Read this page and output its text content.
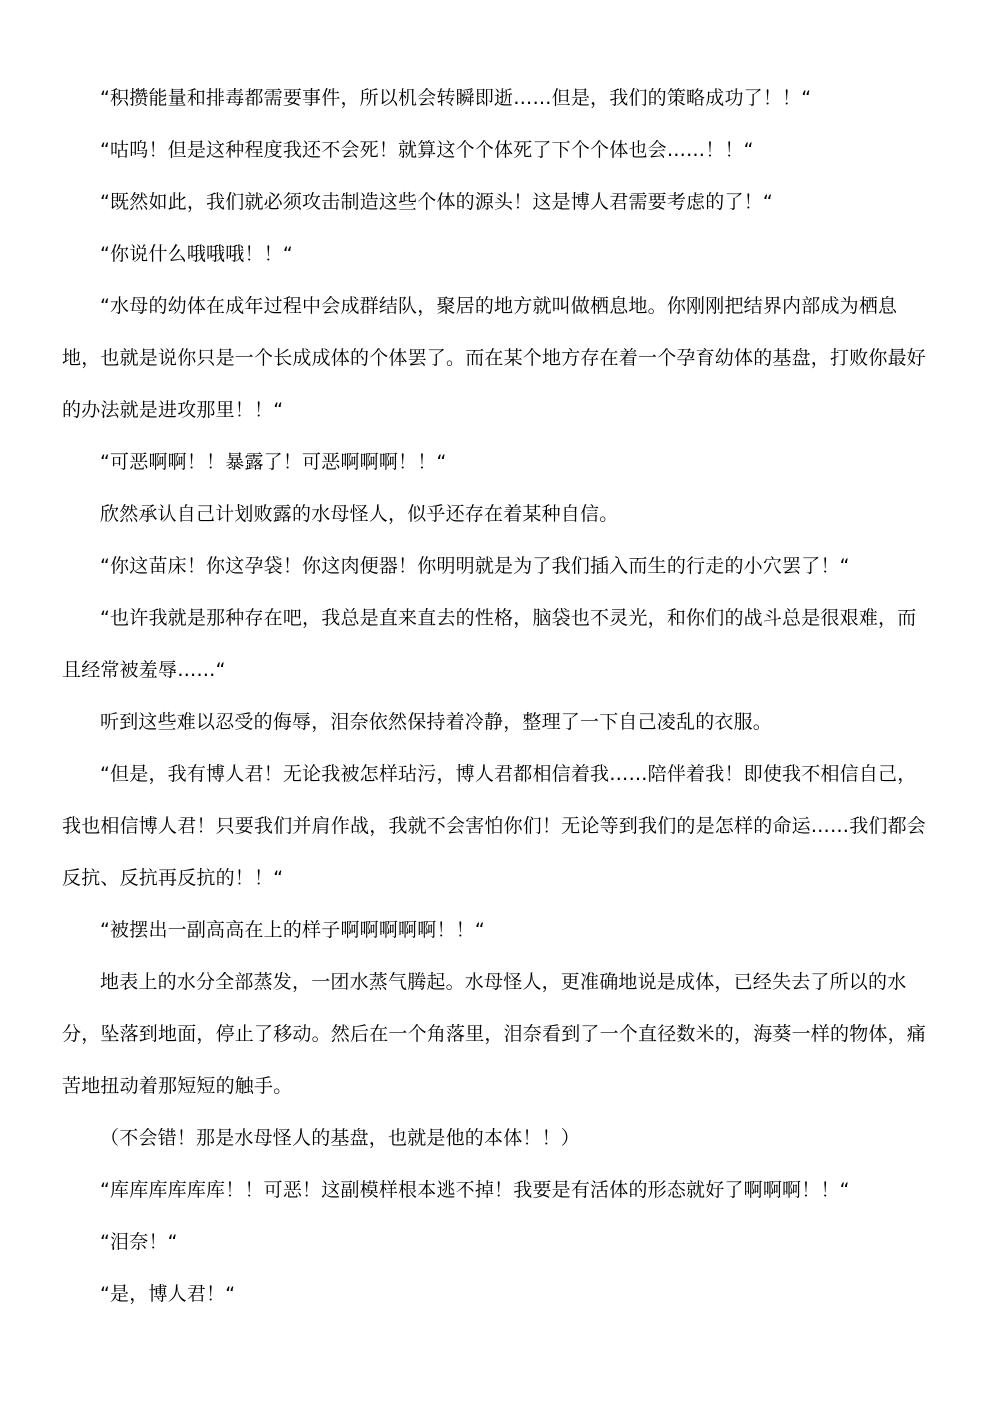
“积攒能量和排毒都需要事件，所以机会转瞬即逝……但是，我们的策略成功了！！“

“咕呜！但是这种程度我还不会死！就算这个个体死了下个个体也会……！！“

“既然如此，我们就必须攻击制造这些个体的源头！这是博人君需要考虑的了！“

“你说什么哦哦哦！！“

“水母的幼体在成年过程中会成群结队，聚居的地方就叫做栖息地。你刚刚把结界内部成为栖息地，也就是说你只是一个长成成体的个体罢了。而在某个地方存在着一个孕育幼体的基盘，打败你最好的办法就是进攻那里！！“

“可恶啊啊！！暴露了！可恶啊啊啊！！“

欣然承认自己计划败露的水母怪人，似乎还存在着某种自信。

“你这苗床！你这孕袋！你这肉便器！你明明就是为了我们插入而生的行走的小穴罢了！“

“也许我就是那种存在吧，我总是直来直去的性格，脑袋也不灵光，和你们的战斗总是很艰难，而且经常被羞辱……“

听到这些难以忍受的侮辱，泪奈依然保持着冷静，整理了一下自己凌乱的衣服。

“但是，我有博人君！无论我被怎样玷污，博人君都相信着我……陪伴着我！即使我不相信自己，我也相信博人君！只要我们并肩作战，我就不会害怕你们！无论等到我们的是怎样的命运……我们都会反抗、反抗再反抗的！！“

“被摆出一副高高在上的样子啊啊啊啊啊！！“

地表上的水分全部蒸发，一团水蒸气腾起。水母怪人，更准确地说是成体，已经失去了所以的水分，坠落到地面，停止了移动。然后在一个角落里，泪奈看到了一个直径数米的，海葵一样的物体，痛苦地扭动着那短短的触手。

（不会错！那是水母怪人的基盘，也就是他的本体！！）

“库库库库库库！！可恶！这副模样根本逃不掉！我要是有活体的形态就好了啊啊啊！！“

“泪奈！“

“是，博人君！“
